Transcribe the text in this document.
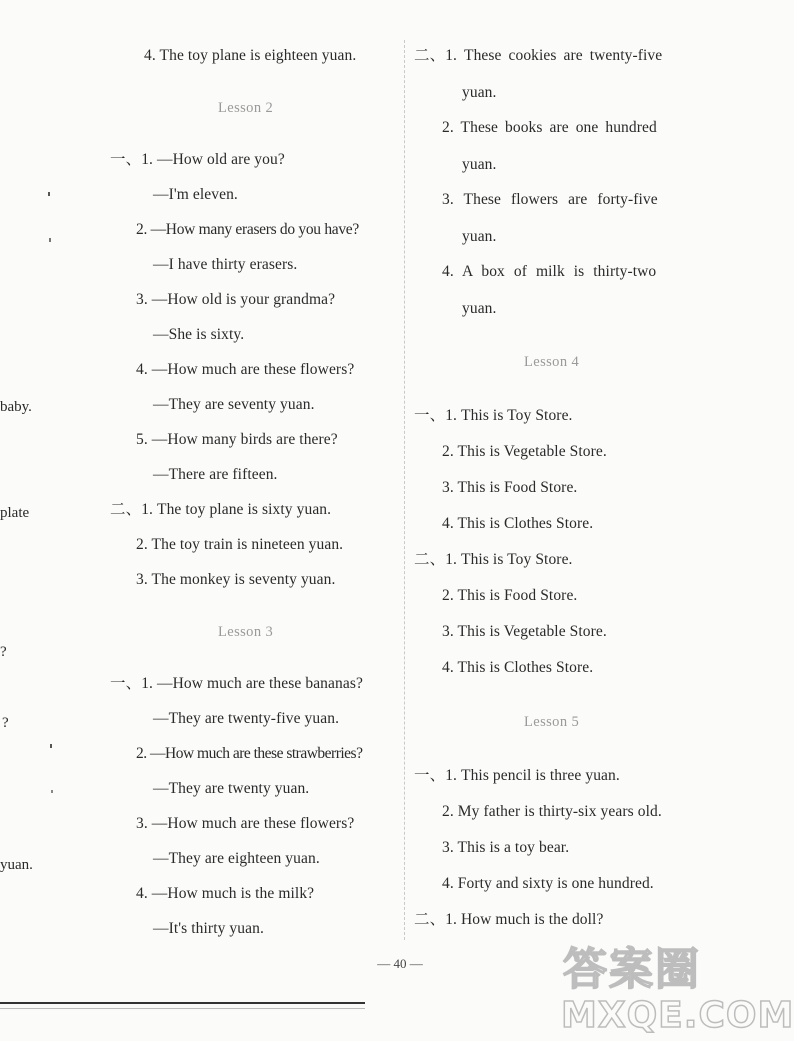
4. The toy plane is eighteen yuan.
Lesson 2
一、1. —How old are you?
—I'm eleven.
2. —How many erasers do you have?
—I have thirty erasers.
3. —How old is your grandma?
—She is sixty.
4. —How much are these flowers?
—They are seventy yuan.
5. —How many birds are there?
—There are fifteen.
二、1. The toy plane is sixty yuan.
2. The toy train is nineteen yuan.
3. The monkey is seventy yuan.
Lesson 3
一、1. —How much are these bananas?
—They are twenty-five yuan.
2. —How much are these strawberries?
—They are twenty yuan.
3. —How much are these flowers?
—They are eighteen yuan.
4. —How much is the milk?
—It's thirty yuan.
二、1. These cookies are twenty-five
yuan.
2. These books are one hundred
yuan.
3. These flowers are forty-five
yuan.
4. A box of milk is thirty-two
yuan.
Lesson 4
一、1. This is Toy Store.
2. This is Vegetable Store.
3. This is Food Store.
4. This is Clothes Store.
二、1. This is Toy Store.
2. This is Food Store.
3. This is Vegetable Store.
4. This is Clothes Store.
Lesson 5
一、1. This pencil is three yuan.
2. My father is thirty-six years old.
3. This is a toy bear.
4. Forty and sixty is one hundred.
二、1. How much is the doll?
baby.
plate
?
?
yuan.
— 40 —	答案圈
MXQE.COM
